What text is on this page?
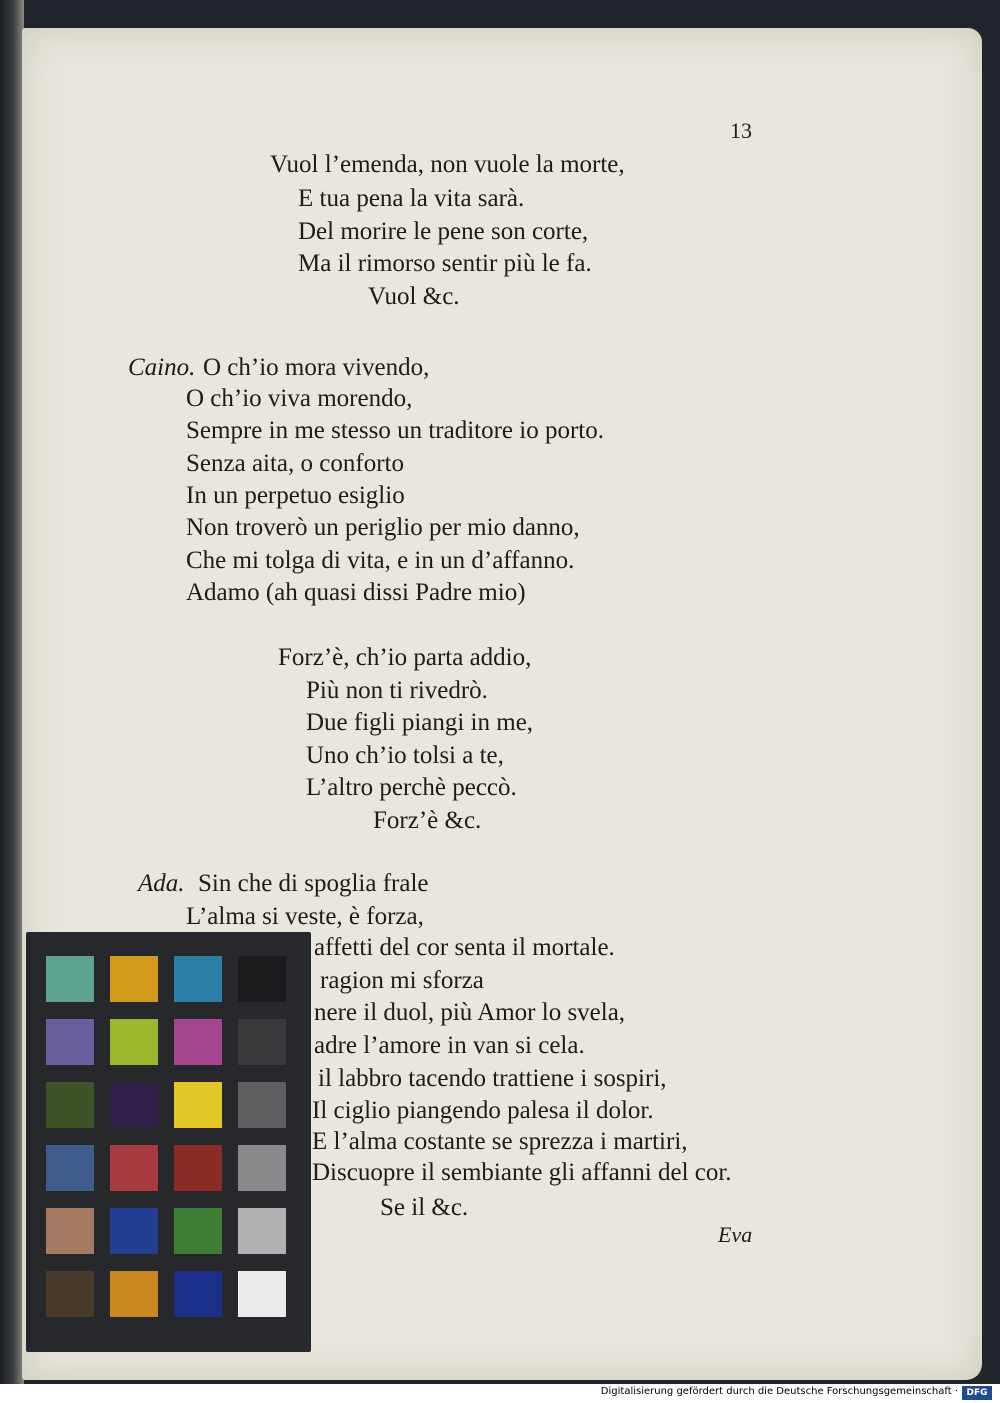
13
Vuol l’emenda, non vuole la morte,
E tua pena la vita sarà.
Del morire le pene son corte,
Ma il rimorso sentir più le fa.
Vuol &c.
Caino. O ch’io mora vivendo,
O ch’io viva morendo,
Sempre in me stesso un traditore io porto.
Senza aita, o conforto
In un perpetuo esiglio
Non troverò un periglio per mio danno,
Che mi tolga di vita, e in un d’affanno.
Adamo (ah quasi dissi Padre mio)
Forz’è, ch’io parta addio,
Più non ti rivedrò.
Due figli piangi in me,
Uno ch’io tolsi a te,
L’altro perchè peccò.
Forz’è &c.
Ada. Sin che di spoglia frale
L’alma si veste, è forza,
affetti del cor senta il mortale.
ragion mi sforza
nere il duol, più Amor lo svela,
adre l’amore in van si cela.
il labbro tacendo trattiene i sospiri,
Il ciglio piangendo palesa il dolor.
E l’alma costante se sprezza i martiri,
Discuopre il sembiante gli affanni del cor.
Se il &c.
Eva
Digitalisierung gefördert durch die Deutsche Forschungsgemeinschaft · DFG
